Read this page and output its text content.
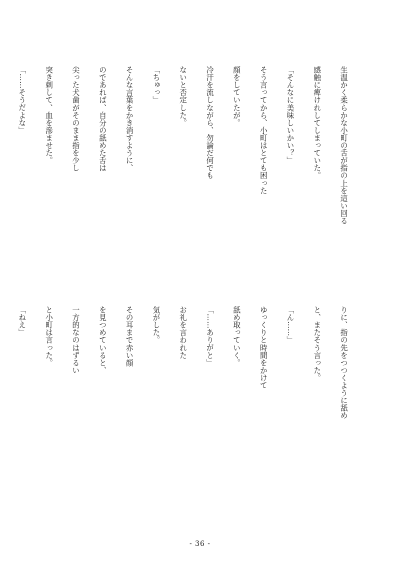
生温かく柔らかな小町の舌が指の上を這い回る

感触に痺けれしてしまっていた。

「そんなに美味しいかい？」

そう言ってから、小町はとても困った

顔をしていたが。

冷汗を流しながら、勿論だ何でも

ないと否定した。

「ちゅっ」

そんな言葉をかき消すように、

のであれば、自分の舐めた舌は

尖った犬歯がそのまま指を少し

突き刺して、血を滲ませた。

「……そうだよな」

りに、指の先をつつくように舐め

と、またそう言った。

「ん……」

ゆっくりと時間をかけて

舐め取っていく。

「……ありがと」

お礼を言われた

気がした。

その耳まで赤い顔

を見つめていると、

一方的なのはずるい

と小町は言った。

「ねえ」

‑ 36 ‑
